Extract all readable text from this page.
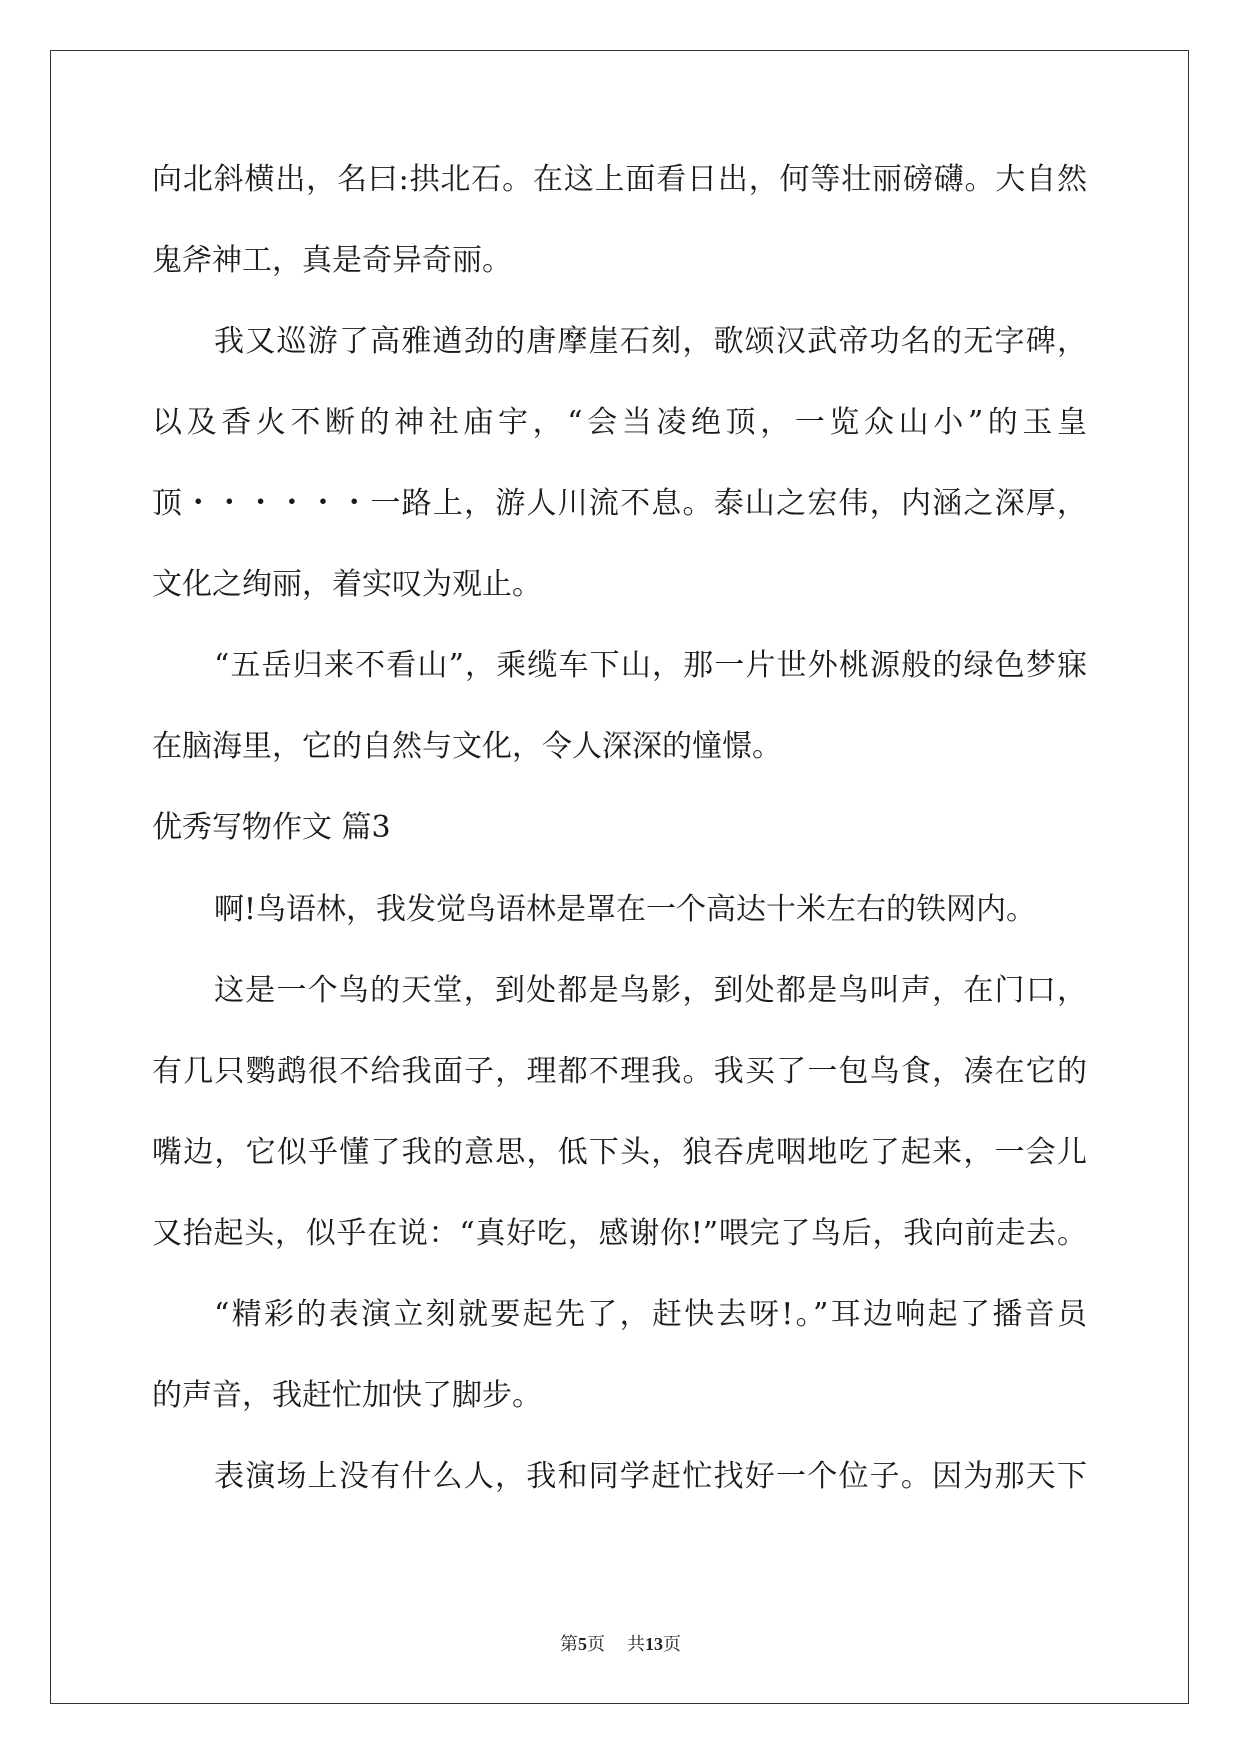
向北斜横出，名曰:拱北石。在这上面看日出，何等壮丽磅礴。大自然
鬼斧神工，真是奇异奇丽。
我又巡游了高雅遒劲的唐摩崖石刻，歌颂汉武帝功名的无字碑，
以及香火不断的神社庙宇，“会当凌绝顶，一览众山小”的玉皇
顶・・・・・・一路上，游人川流不息。泰山之宏伟，内涵之深厚，
文化之绚丽，着实叹为观止。
“五岳归来不看山”，乘缆车下山，那一片世外桃源般的绿色梦寐
在脑海里，它的自然与文化，令人深深的憧憬。
优秀写物作文 篇3
啊!鸟语林，我发觉鸟语林是罩在一个高达十米左右的铁网内。
这是一个鸟的天堂，到处都是鸟影，到处都是鸟叫声，在门口，
有几只鹦鹉很不给我面子，理都不理我。我买了一包鸟食，凑在它的
嘴边，它似乎懂了我的意思，低下头，狼吞虎咽地吃了起来，一会儿
又抬起头，似乎在说：“真好吃，感谢你!”喂完了鸟后，我向前走去。
“精彩的表演立刻就要起先了，赶快去呀!。”耳边响起了播音员
的声音，我赶忙加快了脚步。
表演场上没有什么人，我和同学赶忙找好一个位子。因为那天下
第5页 共13页
